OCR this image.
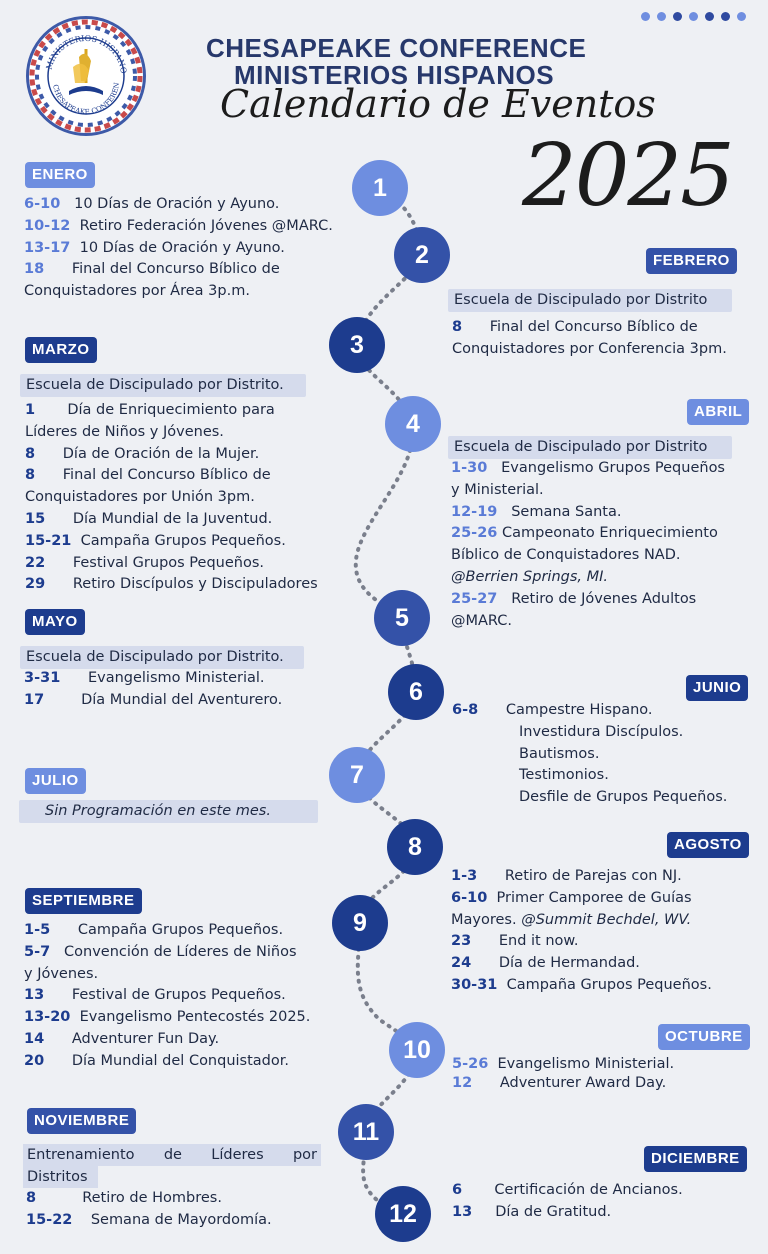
MINISTERIOS HISPANO
CHESAPEAKE CONFEREN
CHESAPEAKE CONFERENCE
MINISTERIOS HISPANOS
Calendario de Eventos
2025
1
2
3
4
5
6
7
8
9
10
11
12
ENERO
6-10 10 Días de Oración y Ayuno.
10-12 Retiro Federación Jóvenes @MARC.
13-17 10 Días de Oración y Ayuno.
18 Final del Concurso Bíblico de
Conquistadores por Área 3p.m.
FEBRERO
Escuela de Discipulado por Distrito
8 Final del Concurso Bíblico de
Conquistadores por Conferencia 3pm.
MARZO
Escuela de Discipulado por Distrito.
1 Día de Enriquecimiento para
Líderes de Niños y Jóvenes.
8 Día de Oración de la Mujer.
8 Final del Concurso Bíblico de
Conquistadores por Unión 3pm.
15 Día Mundial de la Juventud.
15-21 Campaña Grupos Pequeños.
22 Festival Grupos Pequeños.
29 Retiro Discípulos y Discipuladores
ABRIL
Escuela de Discipulado por Distrito
1-30 Evangelismo Grupos Pequeños
y Ministerial.
12-19 Semana Santa.
25-26 Campeonato Enriquecimiento
Bíblico de Conquistadores NAD.
@Berrien Springs, MI.
25-27 Retiro de Jóvenes Adultos
@MARC.
MAYO
Escuela de Discipulado por Distrito.
3-31 Evangelismo Ministerial.
17	Día Mundial del Aventurero.
JUNIO
6-8 Campestre Hispano.
Investidura Discípulos.
Bautismos.
Testimonios.
Desfile de Grupos Pequeños.
JULIO
Sin Programación en este mes.
AGOSTO
1-3 Retiro de Parejas con NJ.
6-10 Primer Camporee de Guías
Mayores. @Summit Bechdel, WV.
23 End it now.
24 Día de Hermandad.
30-31 Campaña Grupos Pequeños.
SEPTIEMBRE
1-5 Campaña Grupos Pequeños.
5-7 Convención de Líderes de Niños
y Jóvenes.
13 Festival de Grupos Pequeños.
13-20 Evangelismo Pentecostés 2025.
14 Adventurer Fun Day.
20 Día Mundial del Conquistador.
OCTUBRE
5-26 Evangelismo Ministerial.
12 Adventurer Award Day.
NOVIEMBRE
Entrenamiento de Líderes por
Distritos
8	Retiro de Hombres.
15-22 Semana de Mayordomía.
DICIEMBRE
6 Certificación de Ancianos.
13 Día de Gratitud.
